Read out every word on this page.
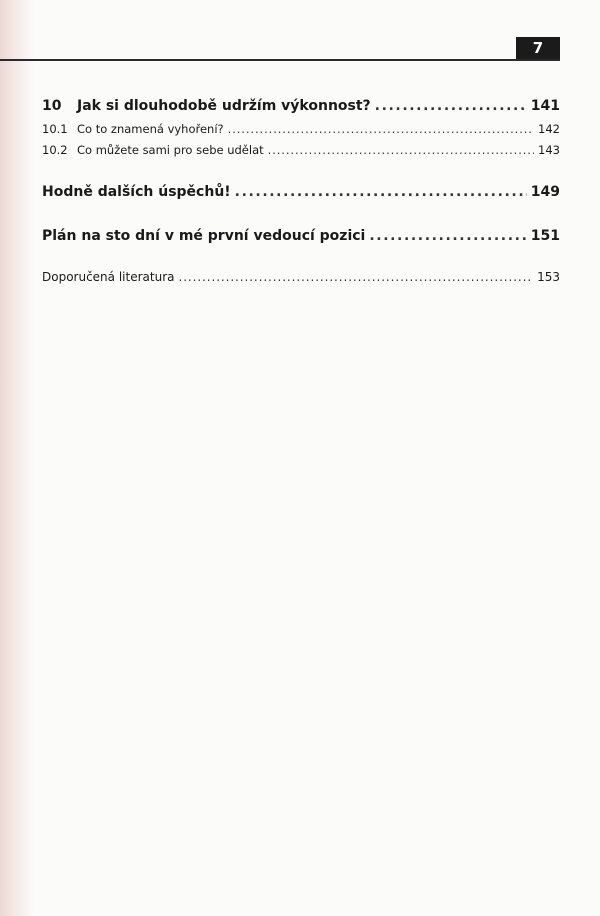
7
10	Jak si dlouhodobě udržím výkonnost? .....	141
10.1 Co to znamená vyhoření? .....	142
10.2 Co můžete sami pro sebe udělat .....	143
Hodně dalších úspěchů! .....	149
Plán na sto dní v mé první vedoucí pozici .....	151
Doporučená literatura .....	153
